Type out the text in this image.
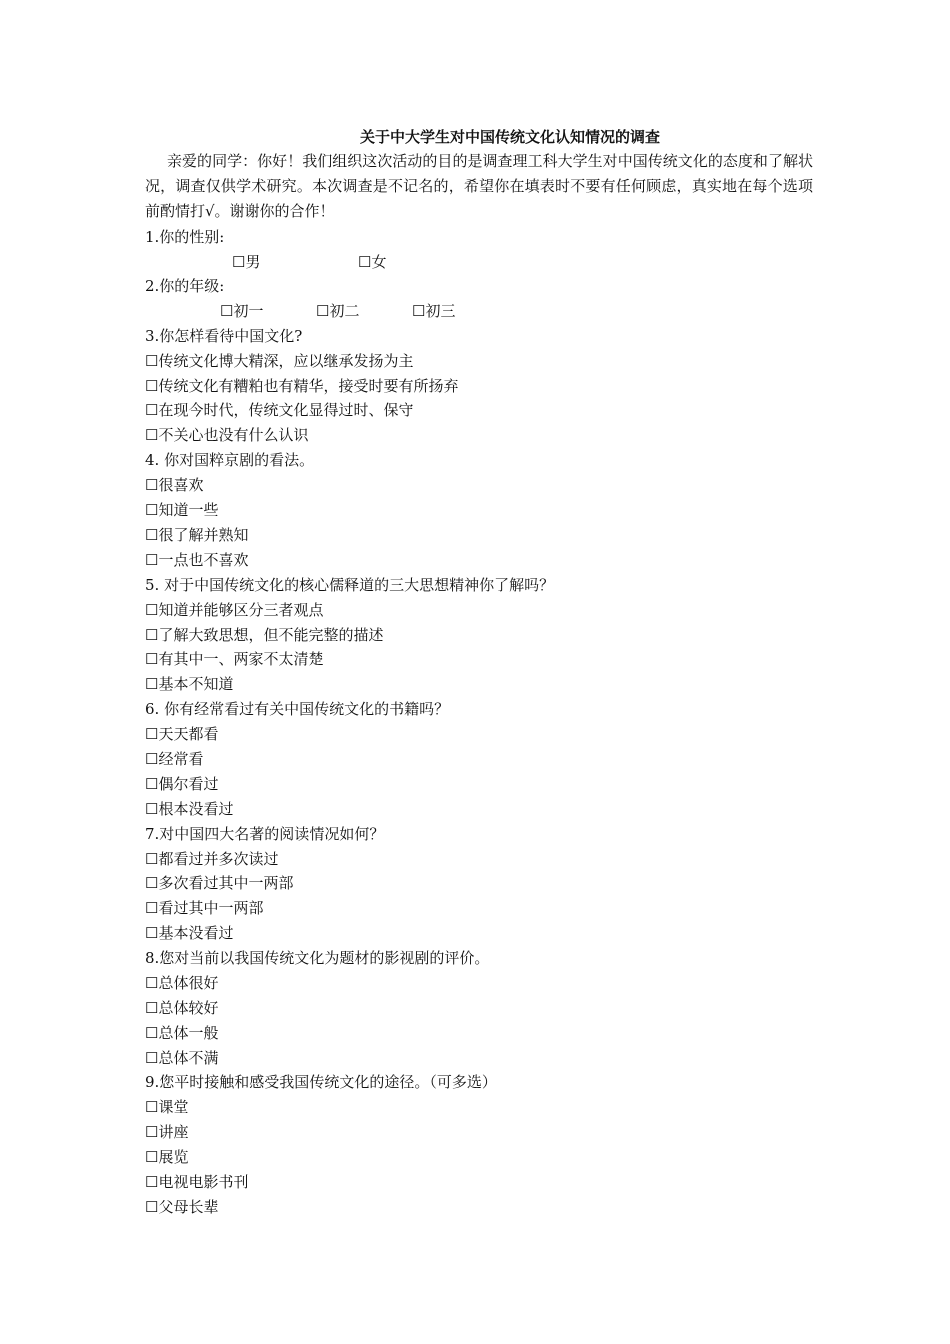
关于中大学生对中国传统文化认知情况的调查
亲爱的同学：你好！我们组织这次活动的目的是调查理工科大学生对中国传统文化的态度和了解状况，调查仅供学术研究。本次调查是不记名的，希望你在填表时不要有任何顾虑，真实地在每个选项前酌情打√。谢谢你的合作！
1.你的性别:
☐男	☐女
2.你的年级:
☐初一	☐初二	☐初三
3.你怎样看待中国文化?
☐传统文化博大精深，应以继承发扬为主
☐传统文化有糟粕也有精华，接受时要有所扬弃
☐在现今时代，传统文化显得过时、保守
☐不关心也没有什么认识
4. 你对国粹京剧的看法。
☐很喜欢
☐知道一些
☐很了解并熟知
☐一点也不喜欢
5. 对于中国传统文化的核心儒释道的三大思想精神你了解吗？
☐知道并能够区分三者观点
☐了解大致思想，但不能完整的描述
☐有其中一、两家不太清楚
☐基本不知道
6. 你有经常看过有关中国传统文化的书籍吗？
☐天天都看
☐经常看
☐偶尔看过
☐根本没看过
7.对中国四大名著的阅读情况如何？
☐都看过并多次读过
☐多次看过其中一两部
☐看过其中一两部
☐基本没看过
8.您对当前以我国传统文化为题材的影视剧的评价。
☐总体很好
☐总体较好
☐总体一般
☐总体不满
9.您平时接触和感受我国传统文化的途径。（可多选）
☐课堂
☐讲座
☐展览
☐电视电影书刊
☐父母长辈
